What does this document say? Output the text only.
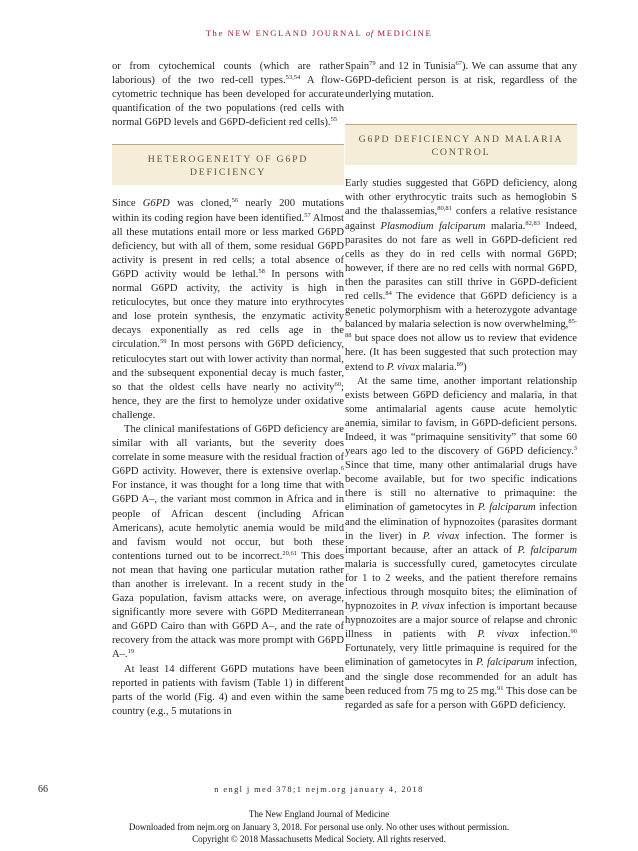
The NEW ENGLAND JOURNAL of MEDICINE

or from cytochemical counts (which are rather laborious) of the two red-cell types.$^{53,54}$ A flow-cytometric technique has been developed for accurate quantification of the two populations (red cells with normal G6PD levels and G6PD-deficient red cells).$^{55}$

HETEROGENEITY OF G6PD DEFICIENCY

Since G6PD was cloned,$^{56}$ nearly 200 mutations within its coding region have been identified.$^{57}$ Almost all these mutations entail more or less marked G6PD deficiency, but with all of them, some residual G6PD activity is present in red cells; a total absence of G6PD activity would be lethal.$^{58}$ In persons with normal G6PD activity, the activity is high in reticulocytes, but once they mature into erythrocytes and lose protein synthesis, the enzymatic activity decays exponentially as red cells age in the circulation.$^{59}$ In most persons with G6PD deficiency, reticulocytes start out with lower activity than normal, and the subsequent exponential decay is much faster, so that the oldest cells have nearly no activity$^{60}$; hence, they are the first to hemolyze under oxidative challenge.

The clinical manifestations of G6PD deficiency are similar with all variants, but the severity does correlate in some measure with the residual fraction of G6PD activity. However, there is extensive overlap.$^6$ For instance, it was thought for a long time that with G6PD A–, the variant most common in Africa and in people of African descent (including African Americans), acute hemolytic anemia would be mild and favism would not occur, but both these contentions turned out to be incorrect.$^{20,61}$ This does not mean that having one particular mutation rather than another is irrelevant. In a recent study in the Gaza population, favism attacks were, on average, significantly more severe with G6PD Mediterranean and G6PD Cairo than with G6PD A–, and the rate of recovery from the attack was more prompt with G6PD A–.$^{19}$

At least 14 different G6PD mutations have been reported in patients with favism (Table 1) in different parts of the world (Fig. 4) and even within the same country (e.g., 5 mutations in

Spain$^{79}$ and 12 in Tunisia$^{67}$). We can assume that any G6PD-deficient person is at risk, regardless of the underlying mutation.

G6PD DEFICIENCY AND MALARIA CONTROL

Early studies suggested that G6PD deficiency, along with other erythrocytic traits such as hemoglobin S and the thalassemias,$^{80,81}$ confers a relative resistance against Plasmodium falciparum malaria.$^{82,83}$ Indeed, parasites do not fare as well in G6PD-deficient red cells as they do in red cells with normal G6PD; however, if there are no red cells with normal G6PD, then the parasites can still thrive in G6PD-deficient red cells.$^{84}$ The evidence that G6PD deficiency is a genetic polymorphism with a heterozygote advantage balanced by malaria selection is now overwhelming,$^{85-88}$ but space does not allow us to review that evidence here. (It has been suggested that such protection may extend to P. vivax malaria.$^{89}$)

At the same time, another important relationship exists between G6PD deficiency and malaria, in that some antimalarial agents cause acute hemolytic anemia, similar to favism, in G6PD-deficient persons. Indeed, it was “primaquine sensitivity” that some 60 years ago led to the discovery of G6PD deficiency.$^3$ Since that time, many other antimalarial drugs have become available, but for two specific indications there is still no alternative to primaquine: the elimination of gametocytes in P. falciparum infection and the elimination of hypnozoites (parasites dormant in the liver) in P. vivax infection. The former is important because, after an attack of P. falciparum malaria is successfully cured, gametocytes circulate for 1 to 2 weeks, and the patient therefore remains infectious through mosquito bites; the elimination of hypnozoites in P. vivax infection is important because hypnozoites are a major source of relapse and chronic illness in patients with P. vivax infection.$^{90}$ Fortunately, very little primaquine is required for the elimination of gametocytes in P. falciparum infection, and the single dose recommended for an adult has been reduced from 75 mg to 25 mg.$^{91}$ This dose can be regarded as safe for a person with G6PD deficiency.

66	n engl j med 378;1 nejm.org january 4, 2018
The New England Journal of Medicine
Downloaded from nejm.org on January 3, 2018. For personal use only. No other uses without permission.
Copyright © 2018 Massachusetts Medical Society. All rights reserved.
